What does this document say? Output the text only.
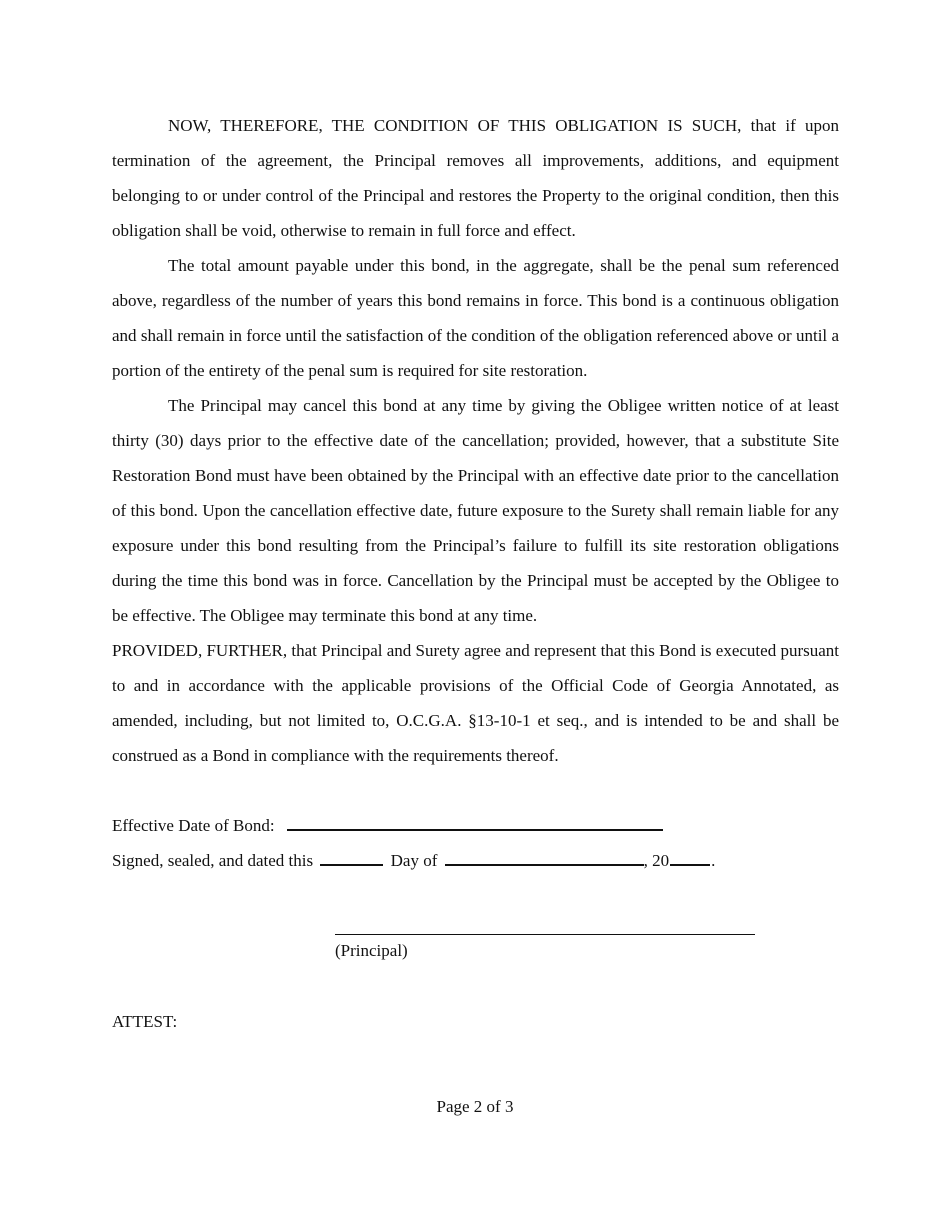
NOW, THEREFORE, THE CONDITION OF THIS OBLIGATION IS SUCH, that if upon termination of the agreement, the Principal removes all improvements, additions, and equipment belonging to or under control of the Principal and restores the Property to the original condition, then this obligation shall be void, otherwise to remain in full force and effect.

The total amount payable under this bond, in the aggregate, shall be the penal sum referenced above, regardless of the number of years this bond remains in force. This bond is a continuous obligation and shall remain in force until the satisfaction of the condition of the obligation referenced above or until a portion of the entirety of the penal sum is required for site restoration.

The Principal may cancel this bond at any time by giving the Obligee written notice of at least thirty (30) days prior to the effective date of the cancellation; provided, however, that a substitute Site Restoration Bond must have been obtained by the Principal with an effective date prior to the cancellation of this bond. Upon the cancellation effective date, future exposure to the Surety shall remain liable for any exposure under this bond resulting from the Principal’s failure to fulfill its site restoration obligations during the time this bond was in force. Cancellation by the Principal must be accepted by the Obligee to be effective. The Obligee may terminate this bond at any time.

PROVIDED, FURTHER, that Principal and Surety agree and represent that this Bond is executed pursuant to and in accordance with the applicable provisions of the Official Code of Georgia Annotated, as amended, including, but not limited to, O.C.G.A. §13-10-1 et seq., and is intended to be and shall be construed as a Bond in compliance with the requirements thereof.

Effective Date of Bond:
Signed, sealed, and dated this	Day of	, 20 .
(Principal)
ATTEST:
Page 2 of 3
